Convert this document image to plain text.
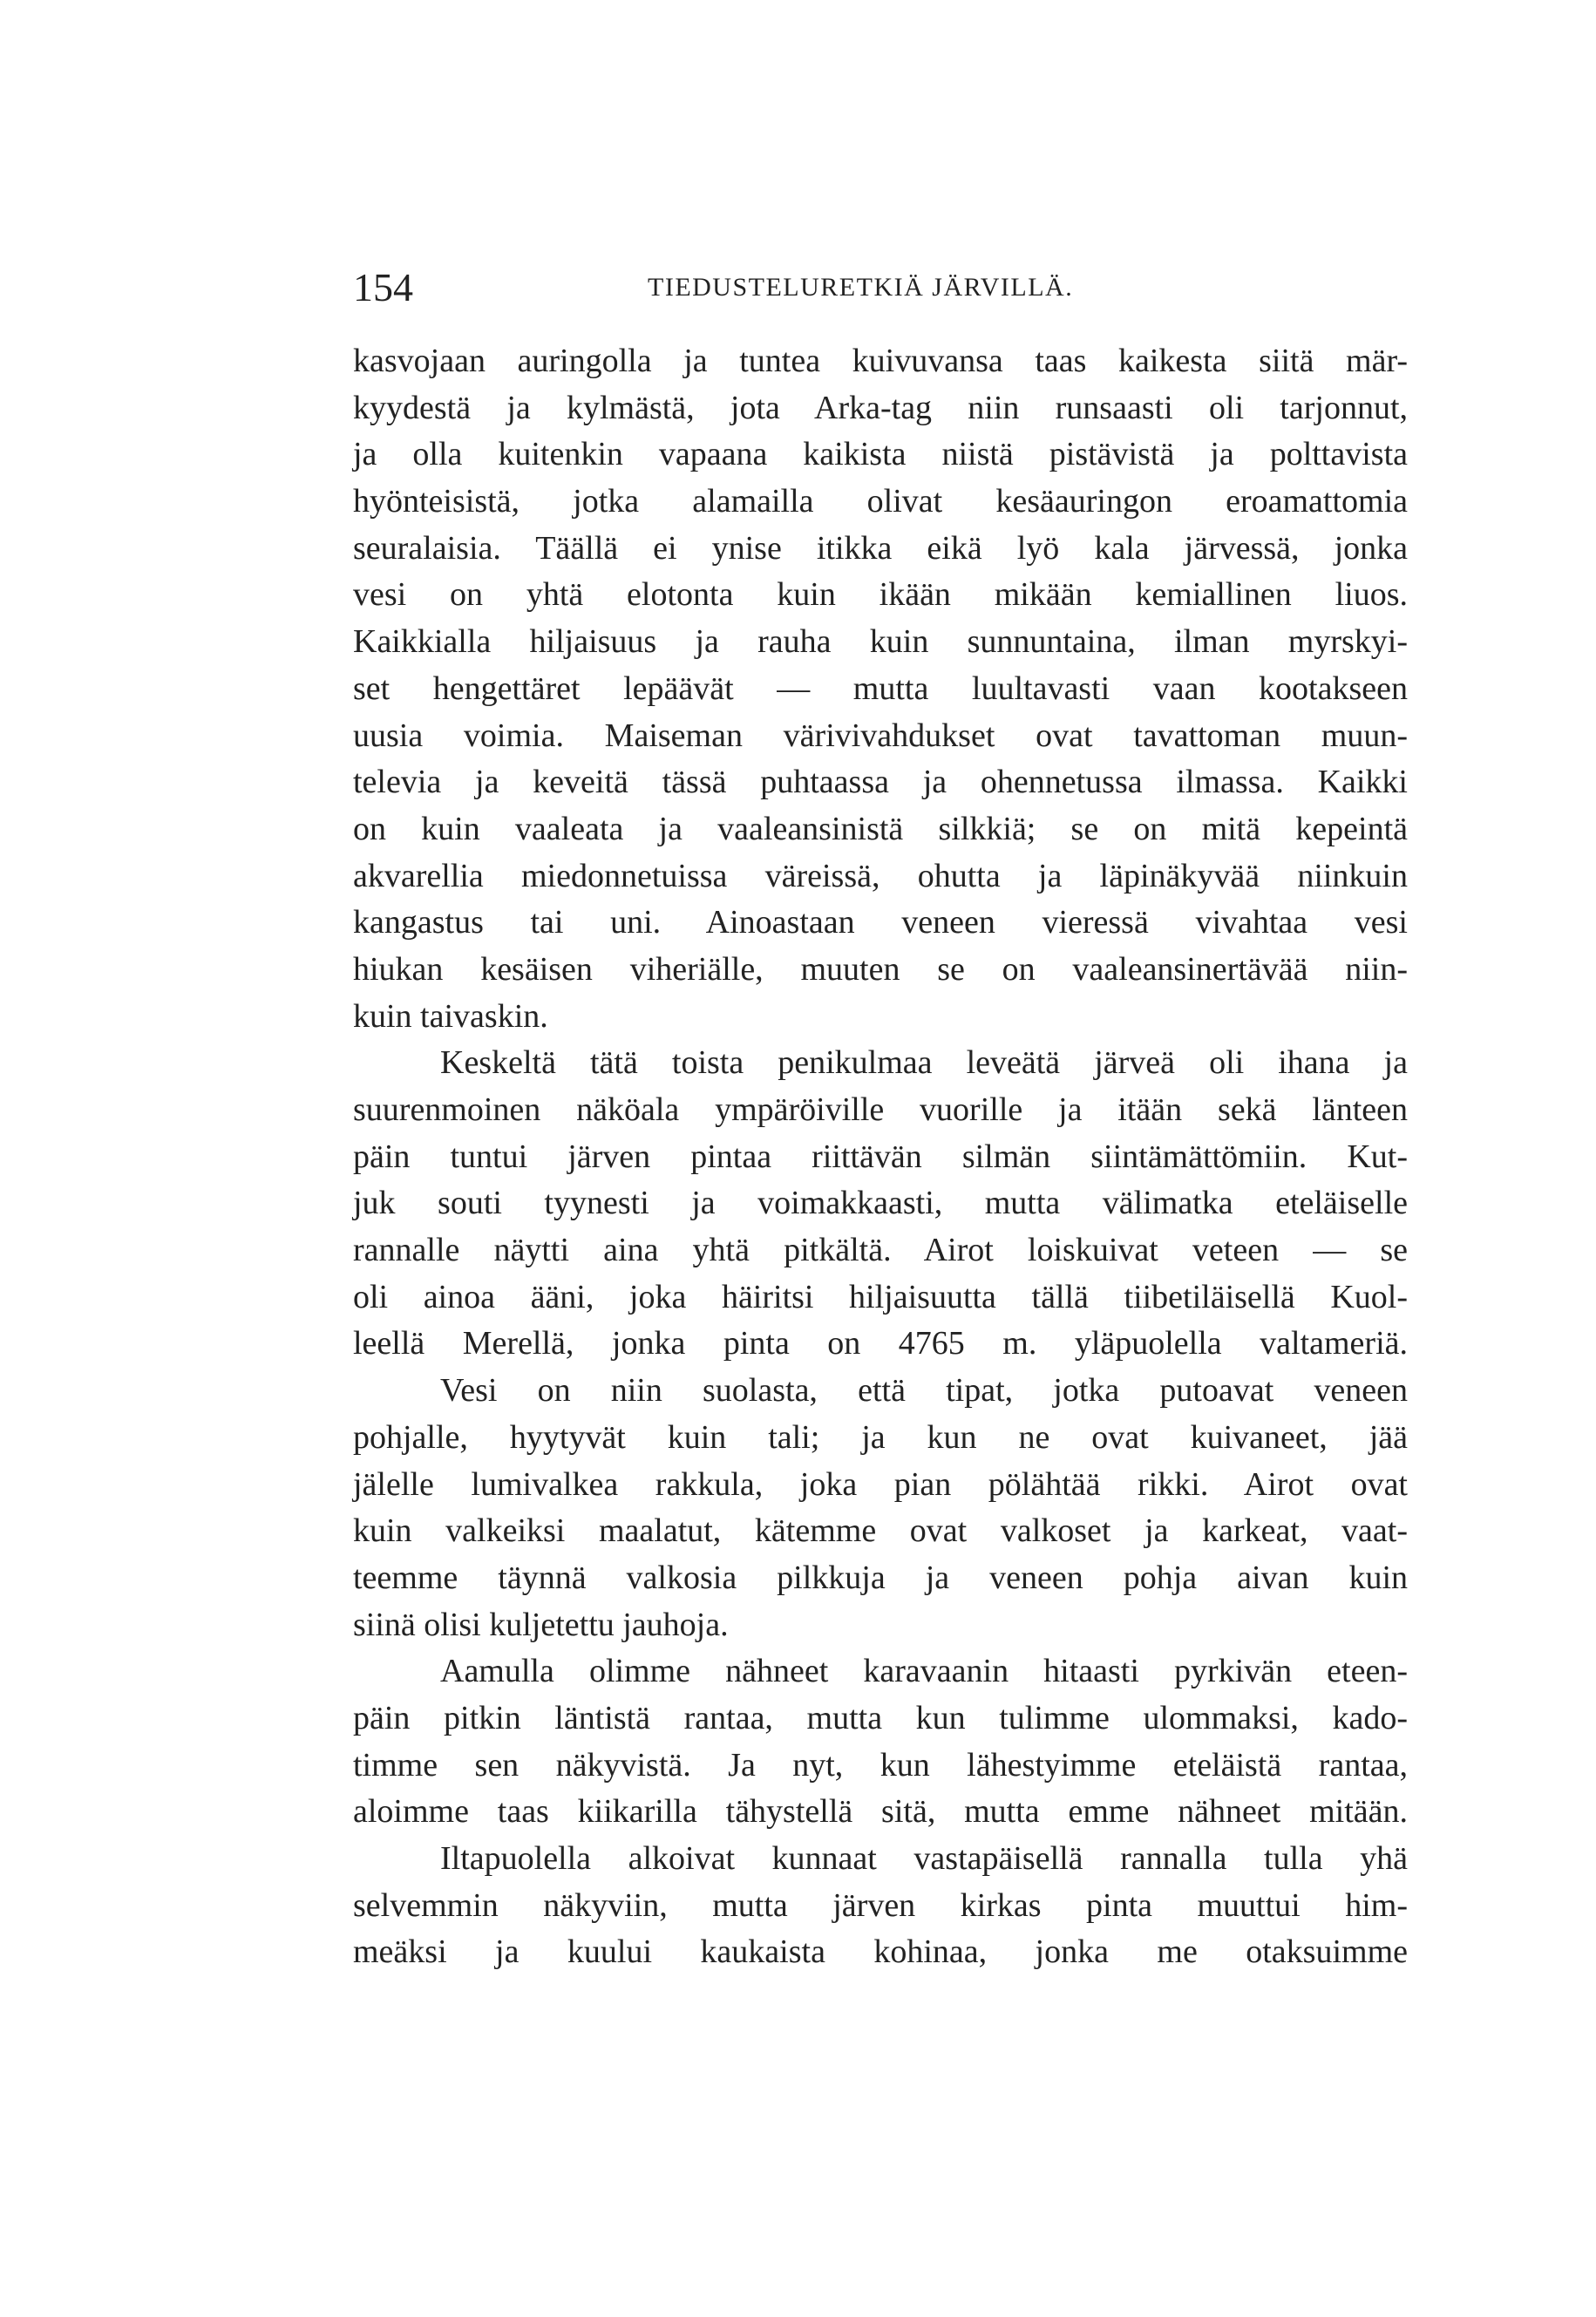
154	TIEDUSTELURETKIÄ JÄRVILLÄ.
kasvojaan auringolla ja tuntea kuivuvansa taas kaikesta siitä mär-
kyydestä ja kylmästä, jota Arka-tag niin runsaasti oli tarjonnut,
ja olla kuitenkin vapaana kaikista niistä pistävistä ja polttavista
hyönteisistä, jotka alamailla olivat kesäauringon eroamattomia
seuralaisia. Täällä ei ynise itikka eikä lyö kala järvessä, jonka
vesi on yhtä elotonta kuin ikään mikään kemiallinen liuos.
Kaikkialla hiljaisuus ja rauha kuin sunnuntaina, ilman myrskyi-
set hengettäret lepäävät — mutta luultavasti vaan kootakseen
uusia voimia. Maiseman värivivahdukset ovat tavattoman muun-
televia ja keveitä tässä puhtaassa ja ohennetussa ilmassa. Kaikki
on kuin vaaleata ja vaaleansinistä silkkiä; se on mitä kepeintä
akvarellia miedonnetuissa väreissä, ohutta ja läpinäkyvää niinkuin
kangastus tai uni. Ainoastaan veneen vieressä vivahtaa vesi
hiukan kesäisen viheriälle, muuten se on vaaleansinertävää niin-
kuin taivaskin.
Keskeltä tätä toista penikulmaa leveätä järveä oli ihana ja
suurenmoinen näköala ympäröiville vuorille ja itään sekä länteen
päin tuntui järven pintaa riittävän silmän siintämättömiin. Kut-
juk souti tyynesti ja voimakkaasti, mutta välimatka eteläiselle
rannalle näytti aina yhtä pitkältä. Airot loiskuivat veteen — se
oli ainoa ääni, joka häiritsi hiljaisuutta tällä tiibetiläisellä Kuol-
leellä Merellä, jonka pinta on 4765 m. yläpuolella valtameriä.
Vesi on niin suolasta, että tipat, jotka putoavat veneen
pohjalle, hyytyvät kuin tali; ja kun ne ovat kuivaneet, jää
jälelle lumivalkea rakkula, joka pian pölähtää rikki. Airot ovat
kuin valkeiksi maalatut, kätemme ovat valkoset ja karkeat, vaat-
teemme täynnä valkosia pilkkuja ja veneen pohja aivan kuin
siinä olisi kuljetettu jauhoja.
Aamulla olimme nähneet karavaanin hitaasti pyrkivän eteen-
päin pitkin läntistä rantaa, mutta kun tulimme ulommaksi, kado-
timme sen näkyvistä. Ja nyt, kun lähestyimme eteläistä rantaa,
aloimme taas kiikarilla tähystellä sitä, mutta emme nähneet mitään.
Iltapuolella alkoivat kunnaat vastapäisellä rannalla tulla yhä
selvemmin näkyviin, mutta järven kirkas pinta muuttui him-
meäksi ja kuului kaukaista kohinaa, jonka me otaksuimme
